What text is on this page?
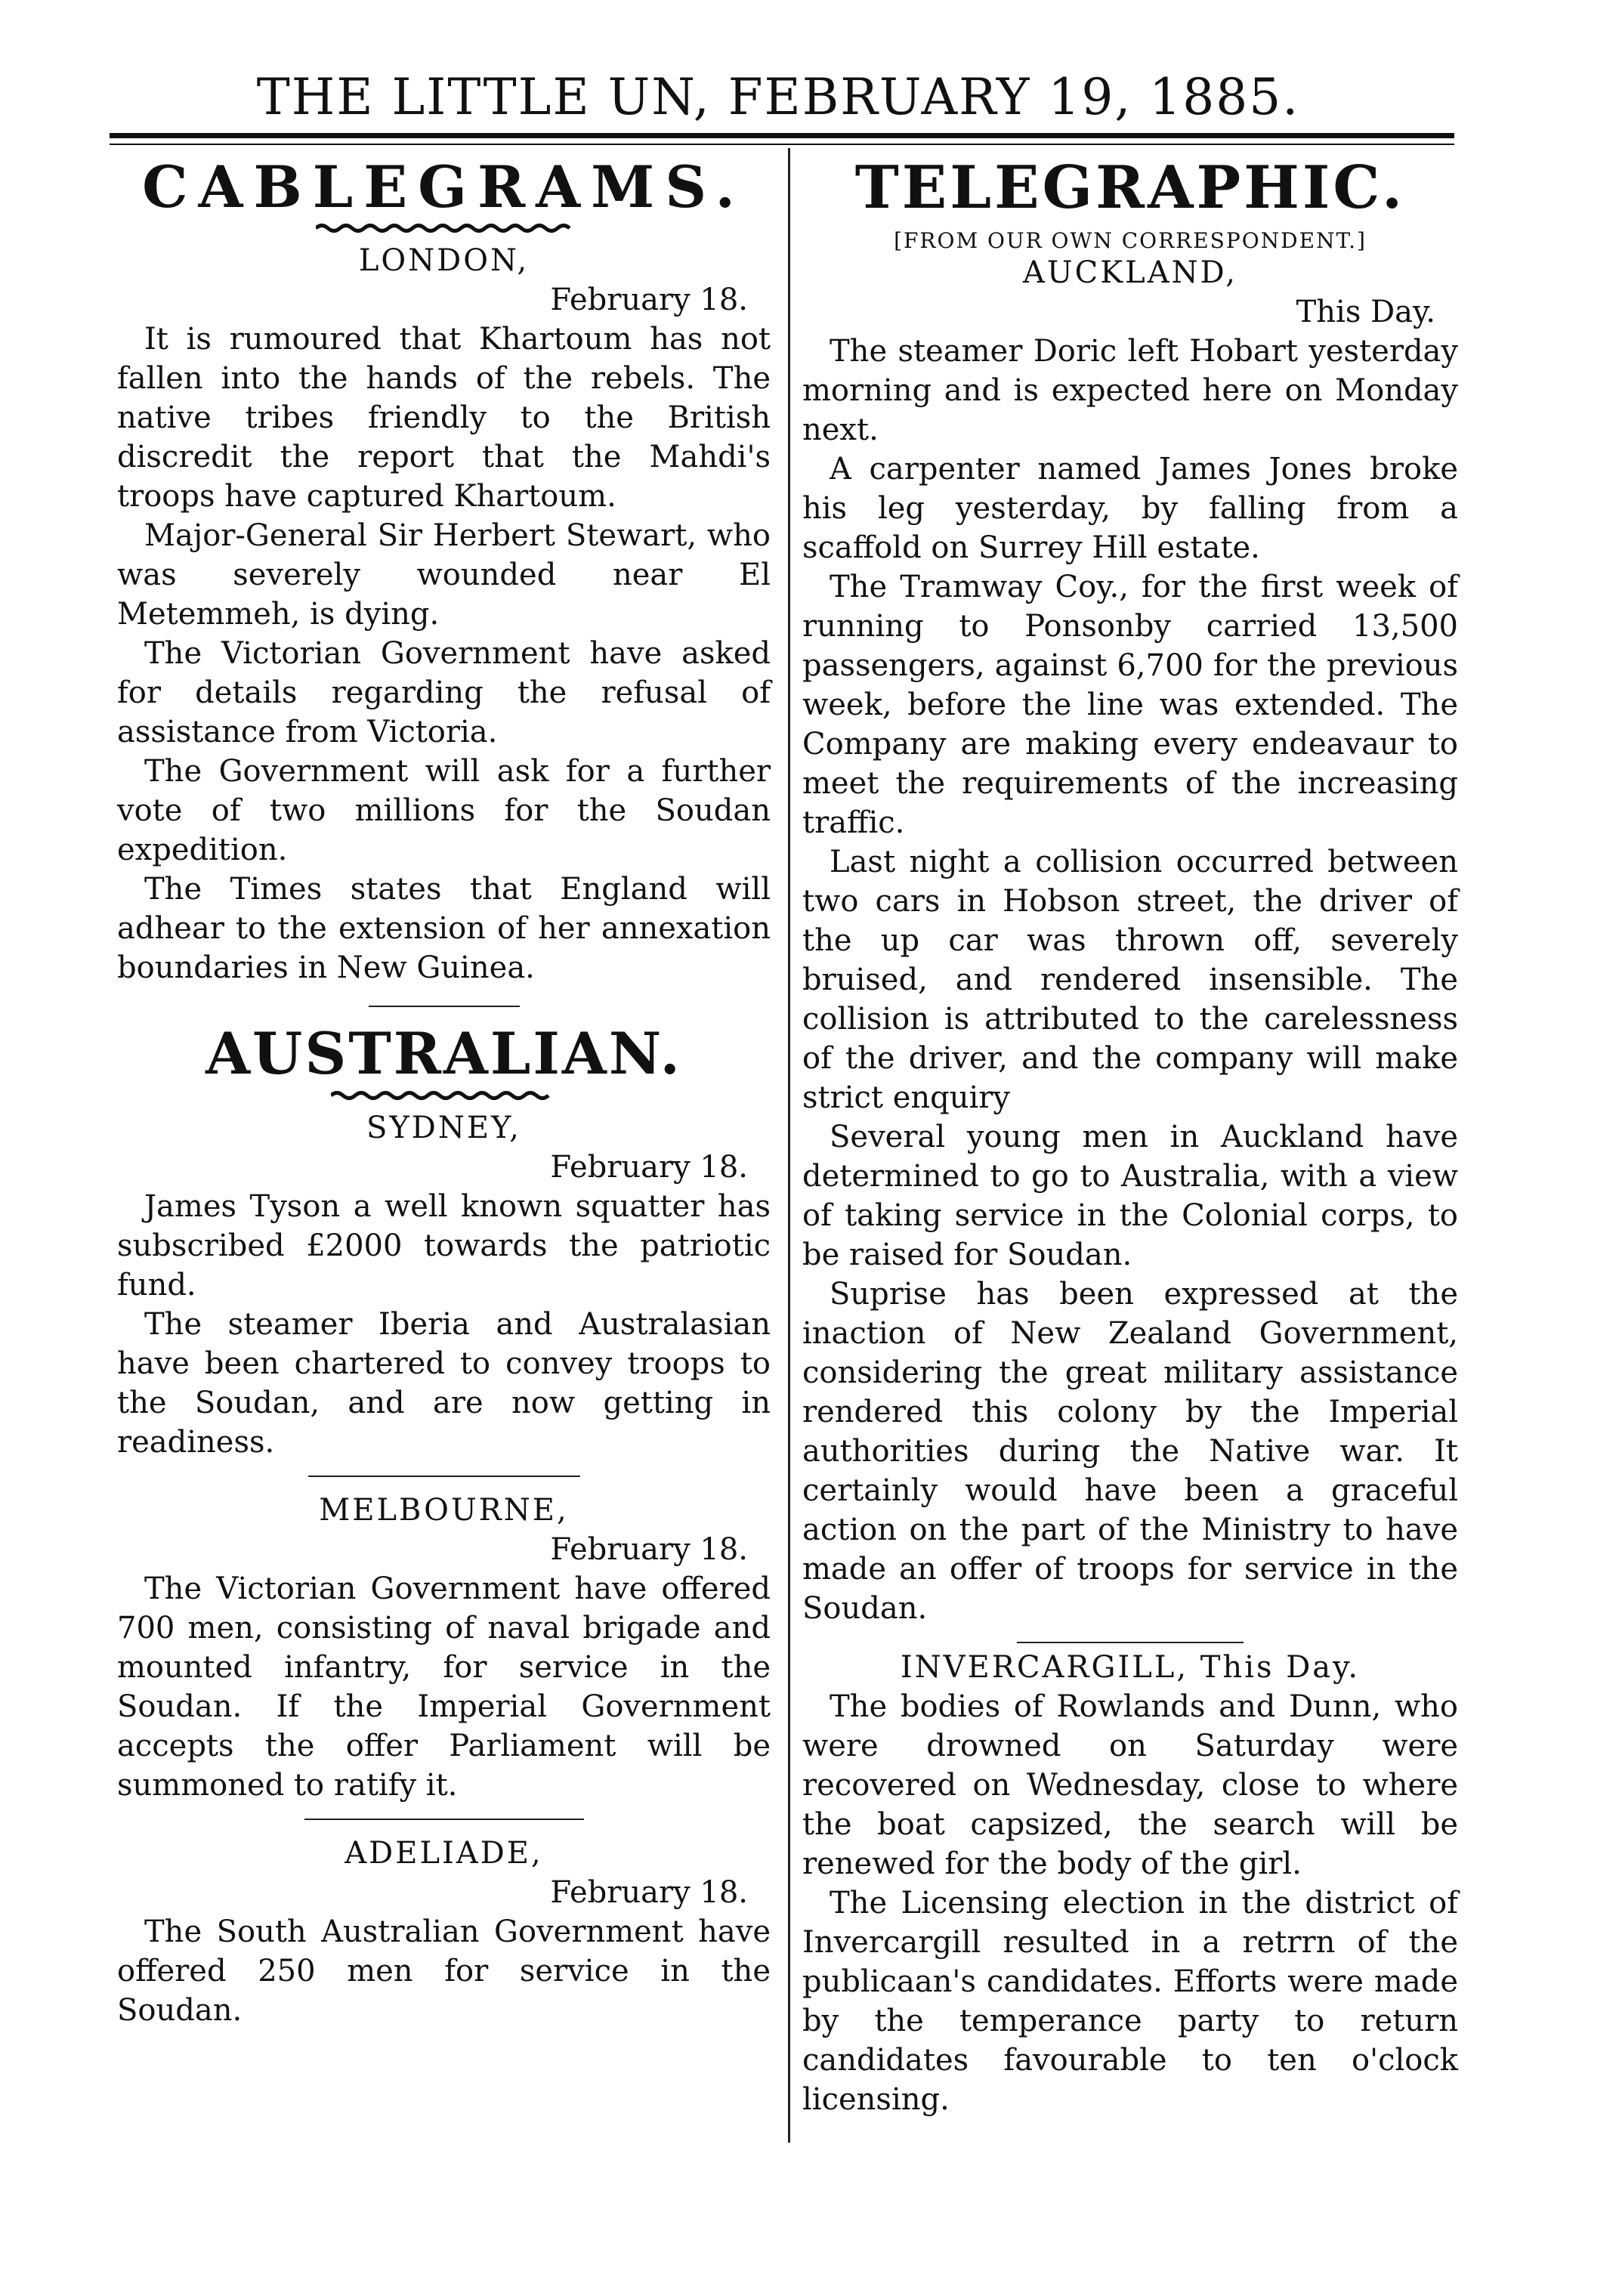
THE LITTLE UN, FEBRUARY 19, 1885.
CABLEGRAMS.

LONDON,

February 18.

It is rumoured that Khartoum has not fallen into the hands of the rebels. The native tribes friendly to the British discredit the report that the Mahdi's troops have captured Khartoum.

Major-General Sir Herbert Stewart, who was severely wounded near El Metemmeh, is dying.

The Victorian Government have asked for details regarding the refusal of assistance from Victoria.

The Government will ask for a further vote of two millions for the Soudan expedition.

The Times states that England will adhear to the extension of her annexation boundaries in New Guinea.

AUSTRALIAN.

SYDNEY,

February 18.

James Tyson a well known squatter has subscribed £2000 towards the patriotic fund.

The steamer Iberia and Australasian have been chartered to convey troops to the Soudan, and are now getting in readiness.

MELBOURNE,

February 18.

The Victorian Government have offered 700 men, consisting of naval brigade and mounted infantry, for service in the Soudan. If the Imperial Government accepts the offer Parliament will be summoned to ratify it.

ADELIADE,

February 18.

The South Australian Government have offered 250 men for service in the Soudan.

TELEGRAPHIC.

[FROM OUR OWN CORRESPONDENT.]

AUCKLAND,

This Day.

The steamer Doric left Hobart yesterday morning and is expected here on Monday next.

A carpenter named James Jones broke his leg yesterday, by falling from a scaffold on Surrey Hill estate.

The Tramway Coy., for the first week of running to Ponsonby carried 13,500 passengers, against 6,700 for the previous week, before the line was extended. The Company are making every endeavaur to meet the requirements of the increasing traffic.

Last night a collision occurred between two cars in Hobson street, the driver of the up car was thrown off, severely bruised, and rendered insensible. The collision is attributed to the carelessness of the driver, and the company will make strict enquiry

Several young men in Auckland have determined to go to Australia, with a view of taking service in the Colonial corps, to be raised for Soudan.

Suprise has been expressed at the inaction of New Zealand Government, considering the great military assistance rendered this colony by the Imperial authorities during the Native war. It certainly would have been a graceful action on the part of the Ministry to have made an offer of troops for service in the Soudan.

INVERCARGILL, This Day.

The bodies of Rowlands and Dunn, who were drowned on Saturday were recovered on Wednesday, close to where the boat capsized, the search will be renewed for the body of the girl.

The Licensing election in the district of Invercargill resulted in a retrrn of the publicaan's candidates. Efforts were made by the temperance party to return candidates favourable to ten o'clock licensing.
